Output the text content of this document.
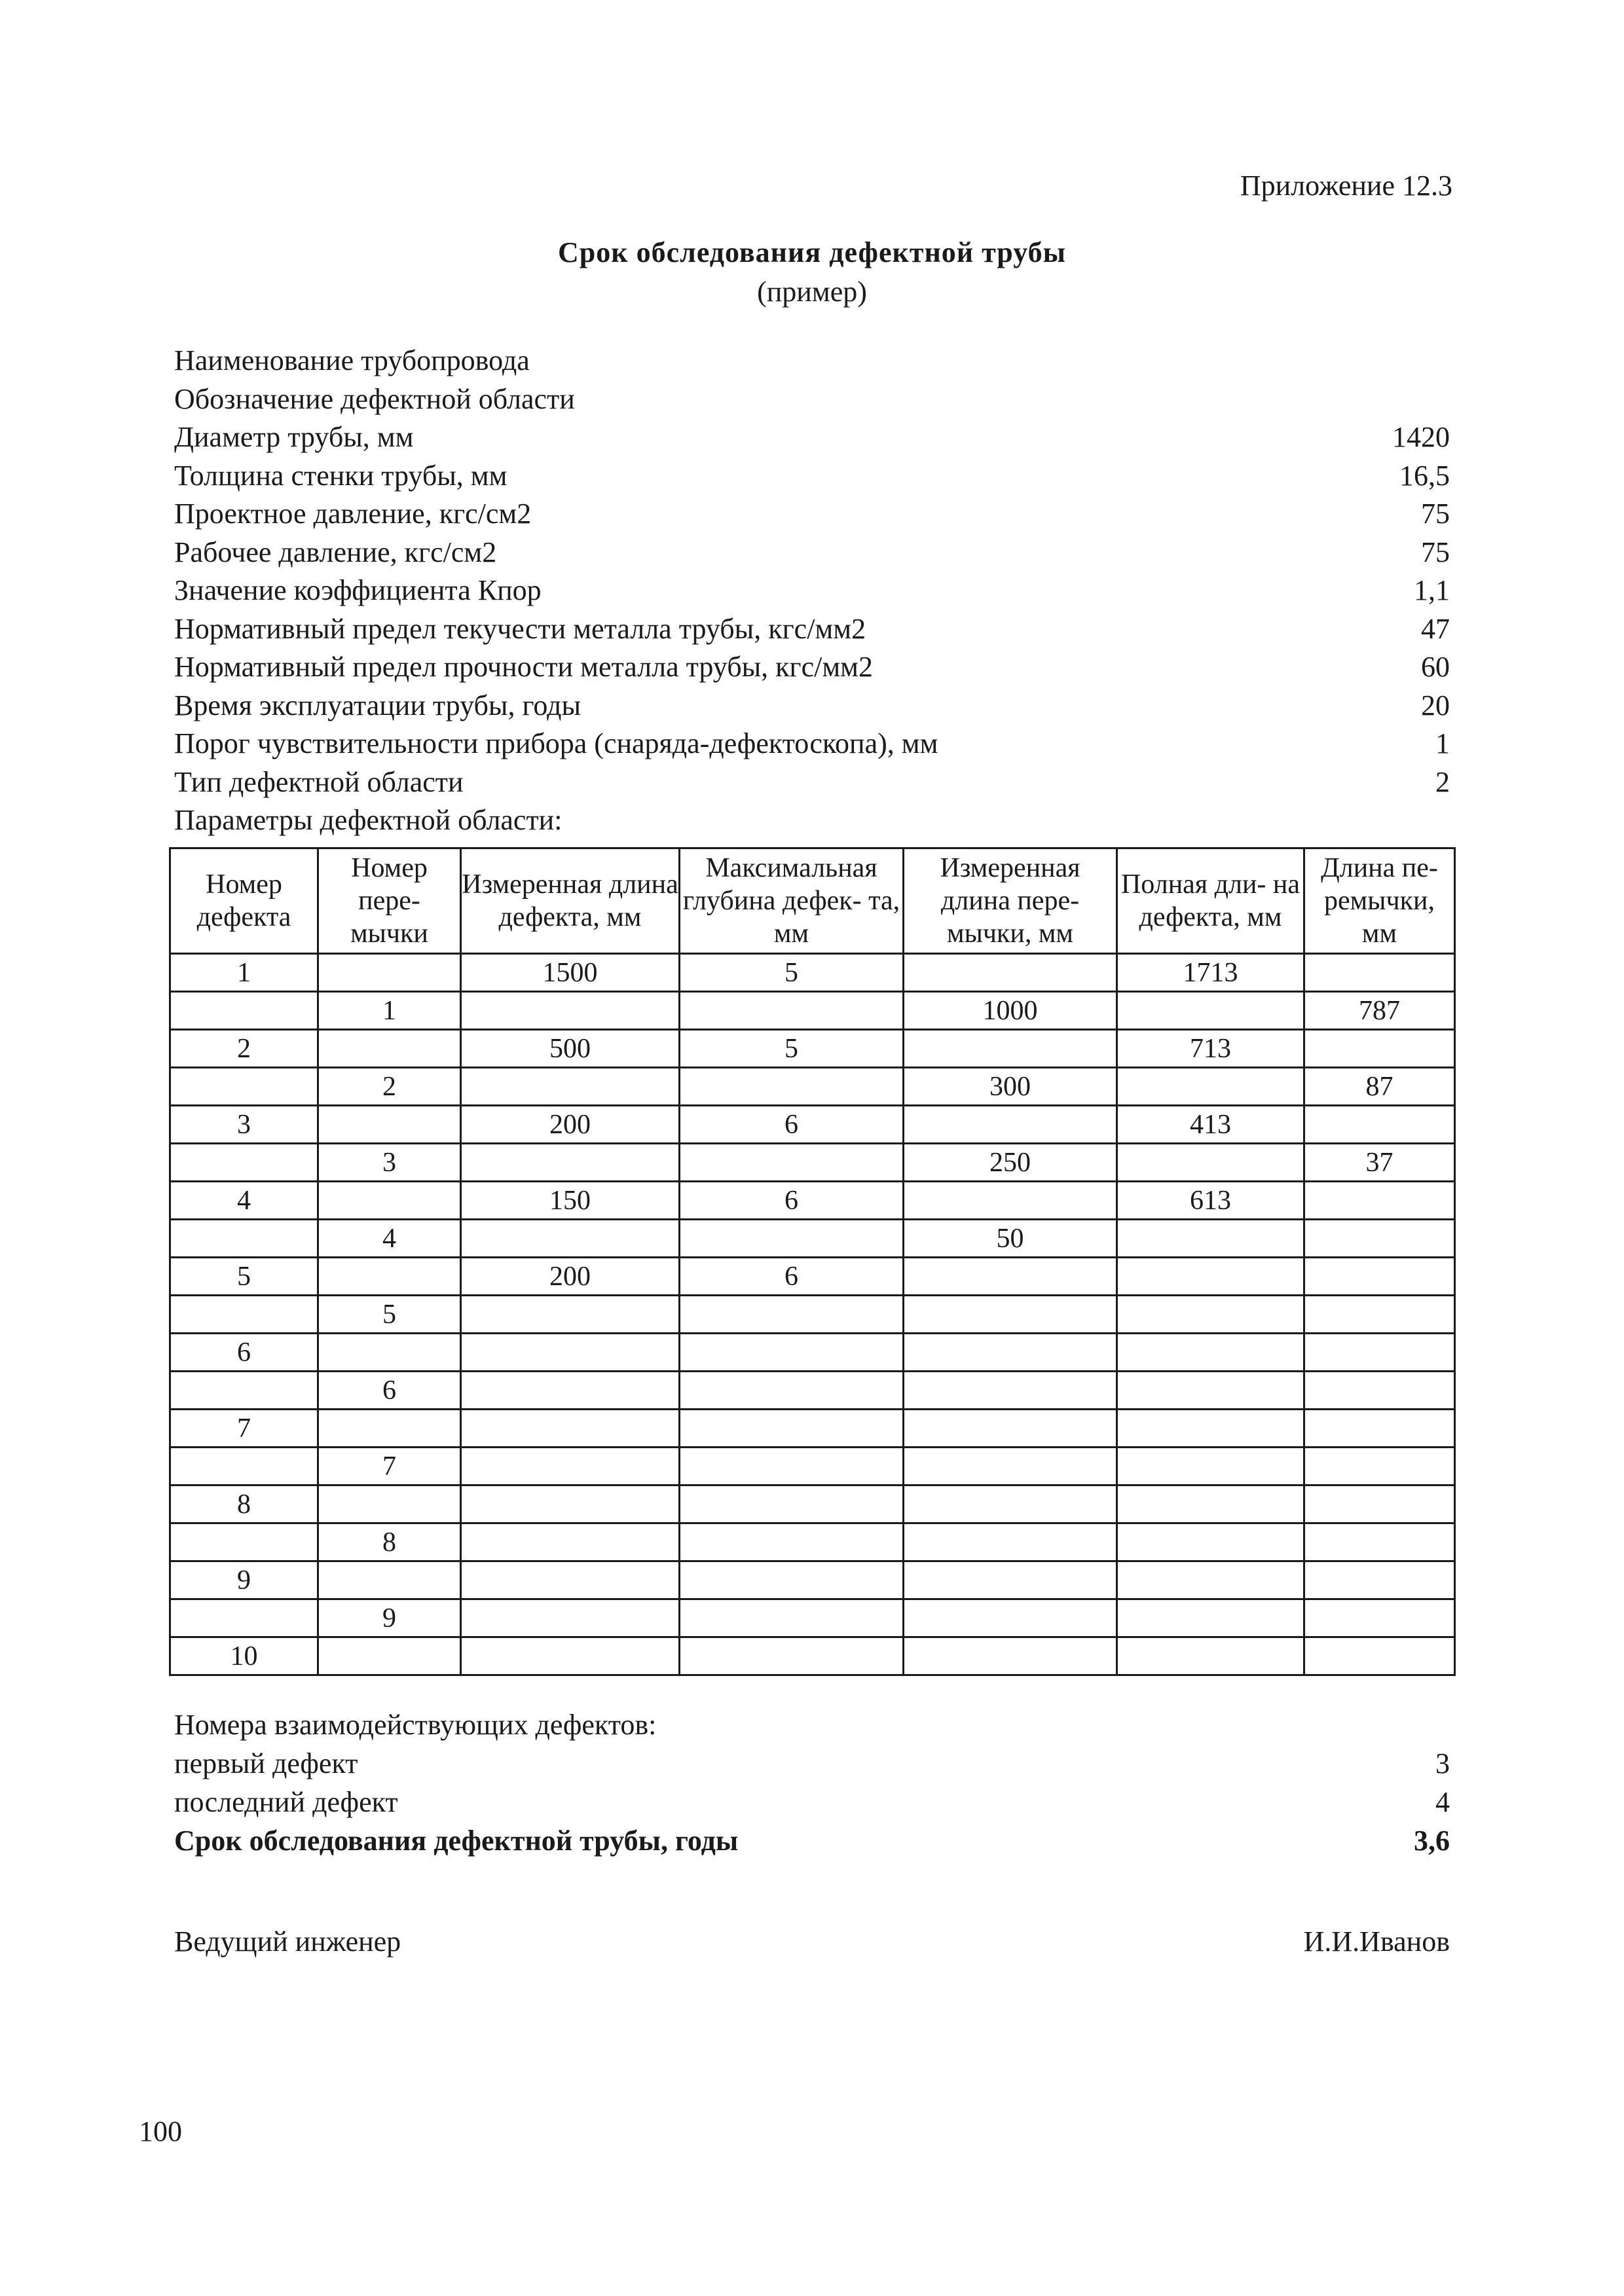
Приложение 12.3
Срок обследования дефектной трубы
(пример)
Наименование трубопровода
Обозначение дефектной области
Диаметр трубы, мм	1420
Толщина стенки трубы, мм	16,5
Проектное давление, кгс/см2	75
Рабочее давление, кгс/см2	75
Значение коэффициента Кпор	1,1
Нормативный предел текучести металла трубы, кгс/мм2	47
Нормативный предел прочности металла трубы, кгс/мм2	60
Время эксплуатации трубы, годы	20
Порог чувствительности прибора (снаряда-дефектоскопа), мм	1
Тип дефектной области	2
Параметры дефектной области:
Номер дефекта	Номер пере- мычки	Измеренная длина дефекта, мм	Максимальная глубина дефек- та, мм	Измеренная длина пере- мычки, мм	Полная дли- на дефекта, мм	Длина пе- ремычки, мм
1		1500	5		1713	
	1			1000		787
2		500	5		713	
	2			300		87
3		200	6		413	
	3			250		37
4		150	6		613	
	4			50		
5		200	6			
	5					
6						
	6					
7						
	7					
8						
	8					
9						
	9					
10						
Номера взаимодействующих дефектов:
первый дефект	3
последний дефект	4
Срок обследования дефектной трубы, годы	3,6
Ведущий инженер	И.И.Иванов
100
